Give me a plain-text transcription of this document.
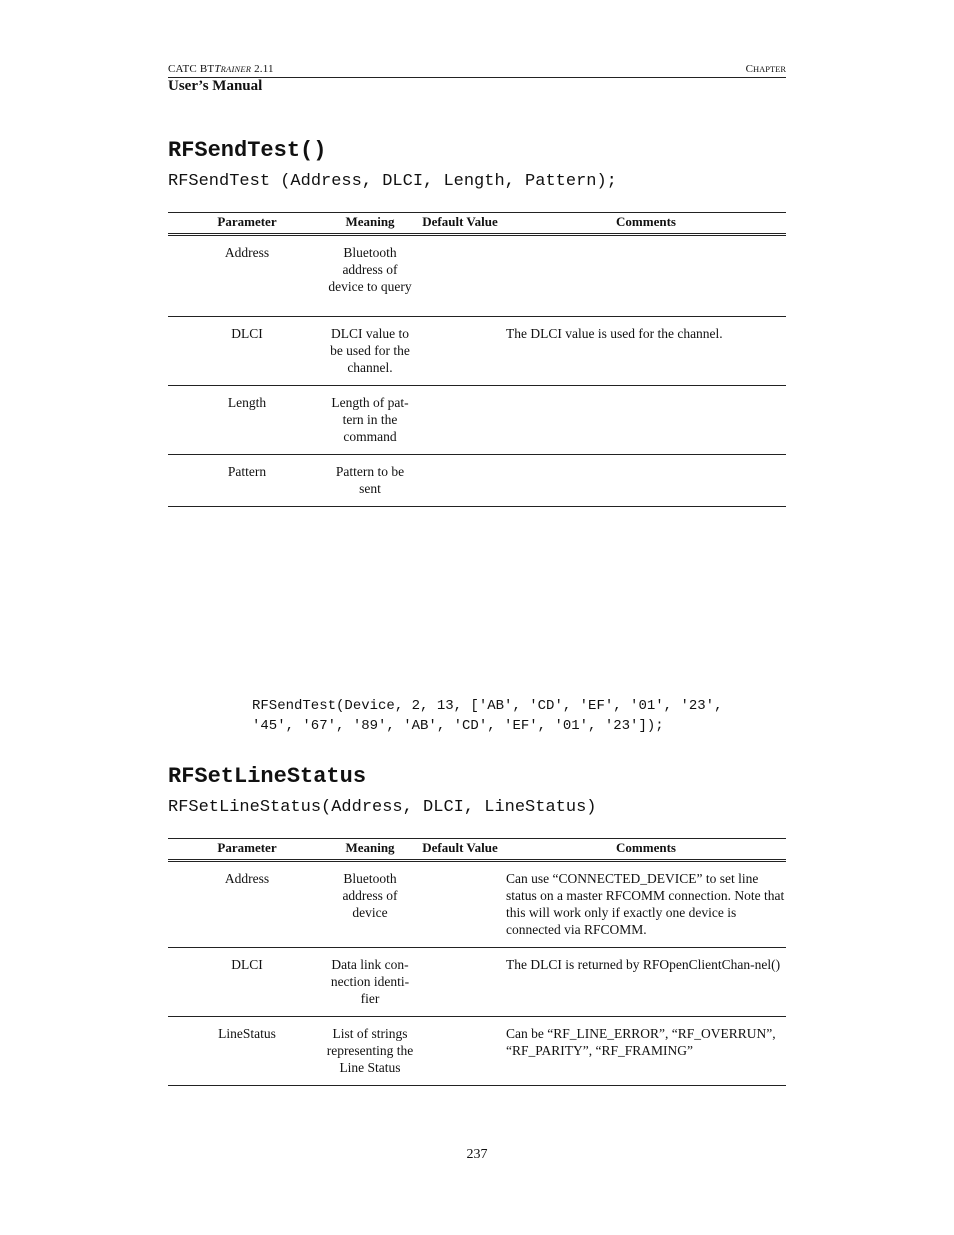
CATC BTTRAINER 2.11	CHAPTER
User’s Manual
RFSendTest()
RFSendTest (Address, DLCI, Length, Pattern);
Parameter	Meaning	Default Value	Comments
Address	Bluetooth address of device to query		
DLCI	DLCI value to be used for the channel.		The DLCI value is used for the channel.
Length	Length of pat-tern in the command		
Pattern	Pattern to be sent		
RFSendTest(Device, 2, 13, ['AB', 'CD', 'EF', '01', '23',
'45', '67', '89', 'AB', 'CD', 'EF', '01', '23']);
RFSetLineStatus
RFSetLineStatus(Address, DLCI, LineStatus)
Parameter	Meaning	Default Value	Comments
Address	Bluetooth address of device		Can use “CONNECTED_DEVICE” to set line status on a master RFCOMM connection. Note that this will work only if exactly one device is connected via RFCOMM.
DLCI	Data link con-nection identi-fier		The DLCI is returned by RFOpenClientChan-nel()
LineStatus	List of strings representing the Line Status		Can be “RF_LINE_ERROR”, “RF_OVERRUN”, “RF_PARITY”, “RF_FRAMING”
237
